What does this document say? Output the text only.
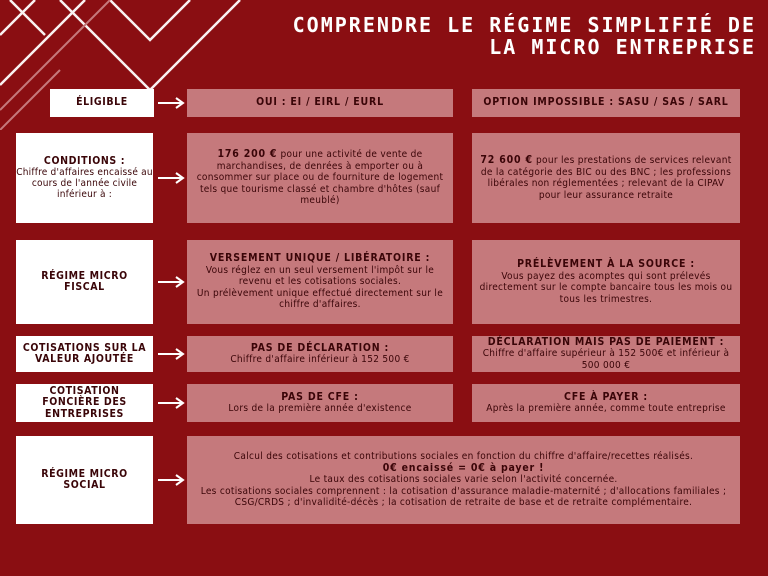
COMPRENDRE LE RÉGIME SIMPLIFIÉ DE
LA MICRO ENTREPRISE
ÉLIGIBLE	OUI : EI / EIRL / EURL	OPTION IMPOSSIBLE : SASU / SAS / SARL
CONDITIONS :
Chiffre d'affaires encaissé au cours de l'année civile inférieur à :
176 200 € pour une activité de vente de marchandises, de denrées à emporter ou à consommer sur place ou de fourniture de logement tels que tourisme classé et chambre d'hôtes (sauf meublé)
72 600 € pour les prestations de services relevant de la catégorie des BIC ou des BNC ; les professions libérales non réglementées ; relevant de la CIPAV pour leur assurance retraite
RÉGIME MICRO FISCAL
VERSEMENT UNIQUE / LIBÉRATOIRE :
Vous réglez en un seul versement l'impôt sur le revenu et les cotisations sociales.
Un prélèvement unique effectué directement sur le chiffre d'affaires.
PRÉLÈVEMENT À LA SOURCE :
Vous payez des acomptes qui sont prélevés directement sur le compte bancaire tous les mois ou tous les trimestres.
COTISATIONS SUR LA VALEUR AJOUTÉE
PAS DE DÉCLARATION :
Chiffre d'affaire inférieur à 152 500 €
DÉCLARATION MAIS PAS DE PAIEMENT :
Chiffre d'affaire supérieur à 152 500€ et inférieur à 500 000 €
COTISATION FONCIÈRE DES ENTREPRISES
PAS DE CFE :
Lors de la première année d'existence
CFE À PAYER :
Après la première année, comme toute entreprise
RÉGIME MICRO SOCIAL
Calcul des cotisations et contributions sociales en fonction du chiffre d'affaire/recettes réalisés.
0€ encaissé = 0€ à payer !
Le taux des cotisations sociales varie selon l'activité concernée.
Les cotisations sociales comprennent : la cotisation d'assurance maladie-maternité ; d'allocations familiales ; CSG/CRDS ; d'invalidité-décès ; la cotisation de retraite de base et de retraite complémentaire.
